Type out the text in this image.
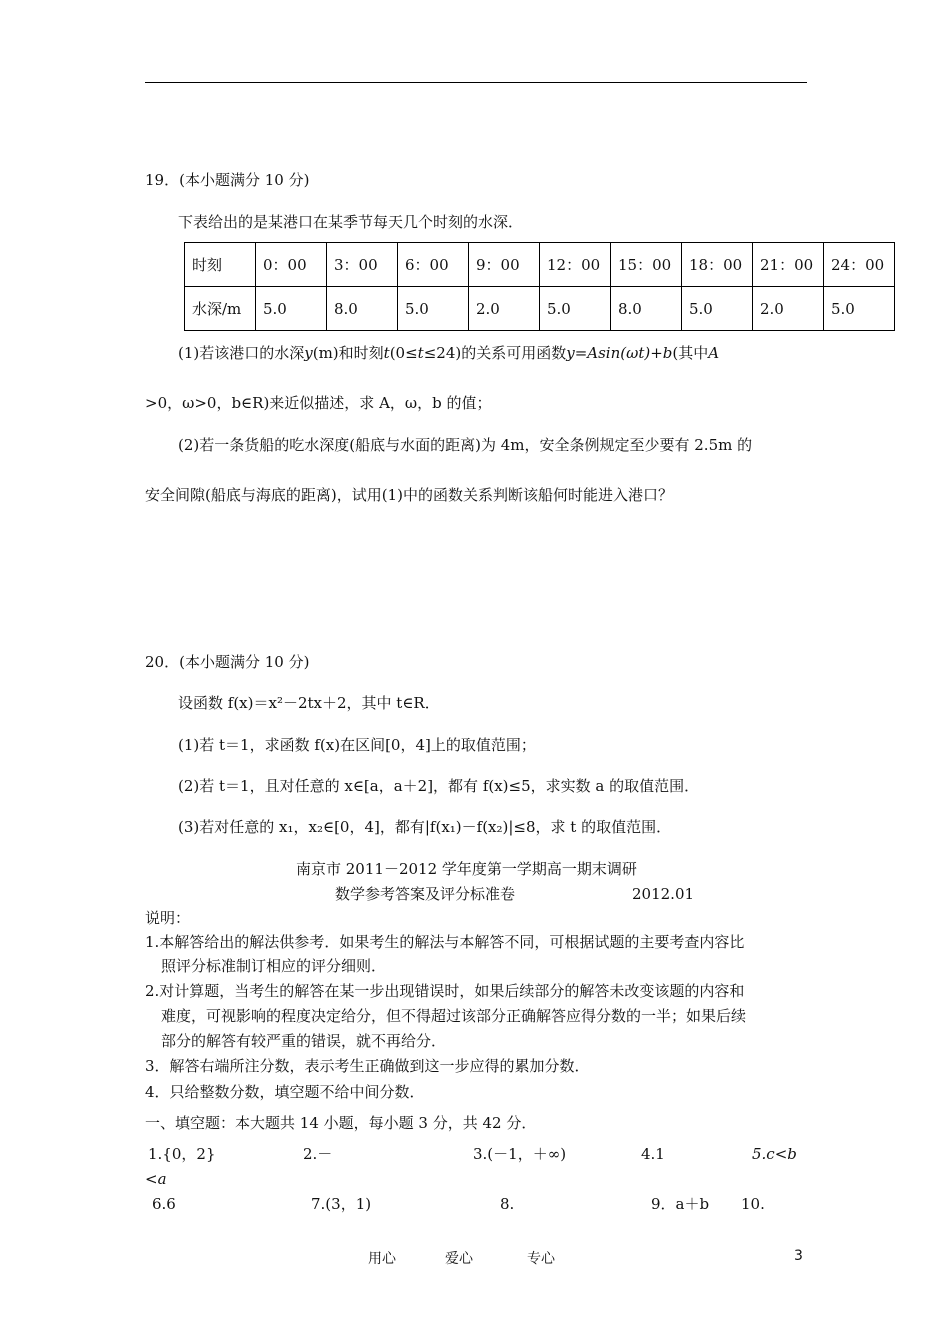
19．(本小题满分 10 分)
下表给出的是某港口在某季节每天几个时刻的水深．
时刻	0：00	3：00	6：00	9：00	12：00	15：00	18：00	21：00	24：00
水深/m	5.0	8.0	5.0	2.0	5.0	8.0	5.0	2.0	5.0
(1)若该港口的水深y(m)和时刻t(0≤t≤24)的关系可用函数y=Asin(ωt)+b(其中A
>0，ω>0，b∈R)来近似描述，求 A，ω，b 的值；
(2)若一条货船的吃水深度(船底与水面的距离)为 4m，安全条例规定至少要有 2.5m 的
安全间隙(船底与海底的距离)，试用(1)中的函数关系判断该船何时能进入港口？
20．(本小题满分 10 分)
设函数 f(x)＝x²－2tx＋2，其中 t∈R．
(1)若 t＝1，求函数 f(x)在区间[0，4]上的取值范围；
(2)若 t＝1，且对任意的 x∈[a，a＋2]，都有 f(x)≤5，求实数 a 的取值范围．
(3)若对任意的 x₁，x₂∈[0，4]，都有|f(x₁)－f(x₂)|≤8，求 t 的取值范围．
南京市 2011－2012 学年度第一学期高一期末调研
数学参考答案及评分标准卷	2012.01
说明：
1.本解答给出的解法供参考．如果考生的解法与本解答不同，可根据试题的主要考查内容比
照评分标准制订相应的评分细则．
2.对计算题，当考生的解答在某一步出现错误时，如果后续部分的解答未改变该题的内容和
难度，可视影响的程度决定给分，但不得超过该部分正确解答应得分数的一半；如果后续
部分的解答有较严重的错误，就不再给分．
3．解答右端所注分数，表示考生正确做到这一步应得的累加分数．
4．只给整数分数，填空题不给中间分数．
一、填空题：本大题共 14 小题，每小题 3 分，共 42 分．
1.{0，2}	2.－	3.(－1，＋∞)	4.1	5.c<b
<a
6.6	7.(3，1)	8.	9．a＋b 10.
用心	爱心	专心	3
